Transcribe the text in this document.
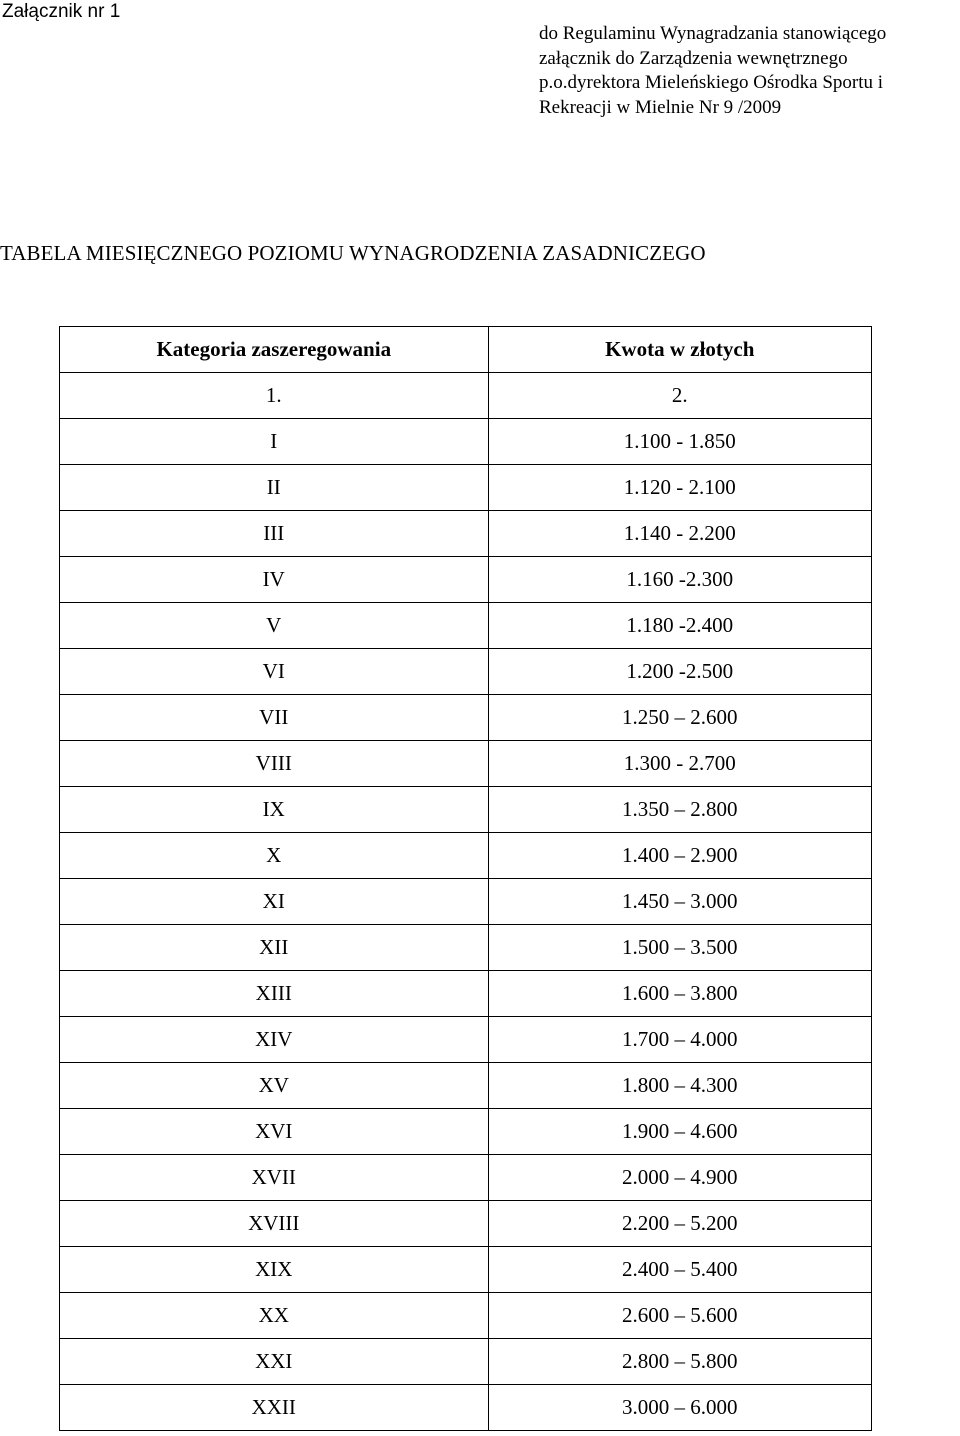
Załącznik nr 1
do Regulaminu Wynagradzania stanowiącego
załącznik do Zarządzenia wewnętrznego
p.o.dyrektora Mieleńskiego Ośrodka Sportu i
Rekreacji w Mielnie Nr 9 /2009
TABELA MIESIĘCZNEGO POZIOMU WYNAGRODZENIA ZASADNICZEGO
Kategoria zaszeregowania	Kwota w złotych
1.	2.
I	1.100 - 1.850
II	1.120 - 2.100
III	1.140 - 2.200
IV	1.160 -2.300
V	1.180 -2.400
VI	1.200 -2.500
VII	1.250 – 2.600
VIII	1.300 - 2.700
IX	1.350 – 2.800
X	1.400 – 2.900
XI	1.450 – 3.000
XII	1.500 – 3.500
XIII	1.600 – 3.800
XIV	1.700 – 4.000
XV	1.800 – 4.300
XVI	1.900 – 4.600
XVII	2.000 – 4.900
XVIII	2.200 – 5.200
XIX	2.400 – 5.400
XX	2.600 – 5.600
XXI	2.800 – 5.800
XXII	3.000 – 6.000
